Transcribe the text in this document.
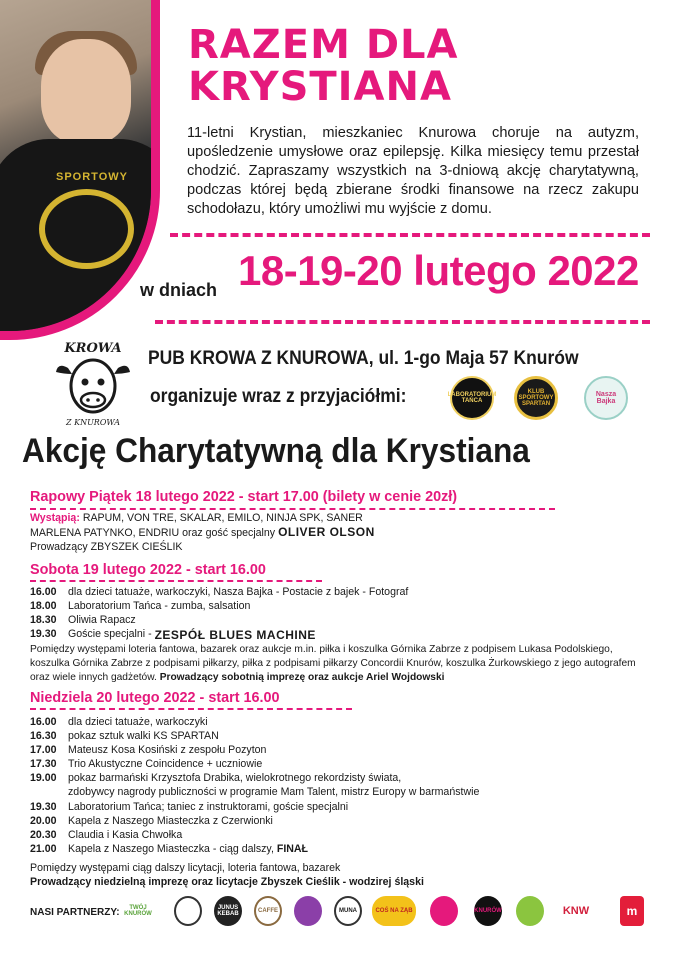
SPORTOWY
RAZEM DLA
KRYSTIANA
11-letni Krystian, mieszkaniec Knurowa choruje na autyzm, upośledzenie umysłowe oraz epilepsję. Kilka miesięcy temu przestał chodzić. Zapraszamy wszystkich na 3-dniową akcję charytatywną, podczas której będą zbierane środki finansowe na rzecz zakupu schodołazu, który umożliwi mu wyjście z domu.
w dniach 18-19-20 lutego 2022
KROWA
Z KNUROWA
PUB KROWA Z KNUROWA, ul. 1-go Maja 57 Knurów
organizuje wraz z przyjaciółmi:	LABORATORIUM TAŃCA
KLUB SPORTOWY SPARTAN
Nasza Bajka
Akcję Charytatywną dla Krystiana
Rapowy Piątek 18 lutego 2022 - start 17.00 (bilety w cenie 20zł)
Wystąpią: RAPUM, VON TRE, SKALAR, EMILO, NINJA SPK, SANER
MARLENA PATYNKO, ENDRIU oraz gość specjalny OLIVER OLSON
Prowadzący ZBYSZEK CIEŚLIK
Sobota 19 lutego 2022 - start 16.00
16.00	dla dzieci tatuaże, warkoczyki, Nasza Bajka - Postacie z bajek - Fotograf
18.00	Laboratorium Tańca - zumba, salsation
18.30	Oliwia Rapacz
19.30	Goście specjalni -
ZESPÓŁ BLUES MACHINE
Pomiędzy występami loteria fantowa, bazarek oraz aukcje m.in. piłka i koszulka Górnika Zabrze z podpisem Lukasa Podolskiego,
koszulka Górnika Zabrze z podpisami piłkarzy, piłka z podpisami piłkarzy Concordii Knurów, koszulka Żurkowskiego z jego autografem
oraz wiele innych gadżetów. Prowadzący sobotnią imprezę oraz aukcje Ariel Wojdowski
Niedziela 20 lutego 2022 - start 16.00
16.00	dla dzieci tatuaże, warkoczyki
16.30	pokaz sztuk walki KS SPARTAN
17.00	Mateusz Kosa Kosiński z zespołu Pozyton
17.30	Trio Akustyczne Coincidence + uczniowie
19.00	pokaz barmański Krzysztofa Drabika, wielokrotnego rekordzisty świata,
zdobywcy nagrody publiczności w programie Mam Talent, mistrz Europy w barmaństwie
19.30	Laboratorium Tańca; taniec z instruktorami, goście specjalni
20.00	Kapela z Naszego Miasteczka z Czerwionki
20.30	Claudia i Kasia Chwołka
21.00	Kapela z Naszego Miasteczka - ciąg dalszy,
FINAŁ
Pomiędzy występami ciąg dalszy licytacji, loteria fantowa, bazarek
Prowadzący niedzielną imprezę oraz licytacje Zbyszek Cieślik - wodzirej śląski
NASI PARTNERZY:	TWÓJ KNURÓW
JUNUS KEBAB	CAFFE	MUNA	COŚ NA ZĄB	KNURÓW	KNW	m
